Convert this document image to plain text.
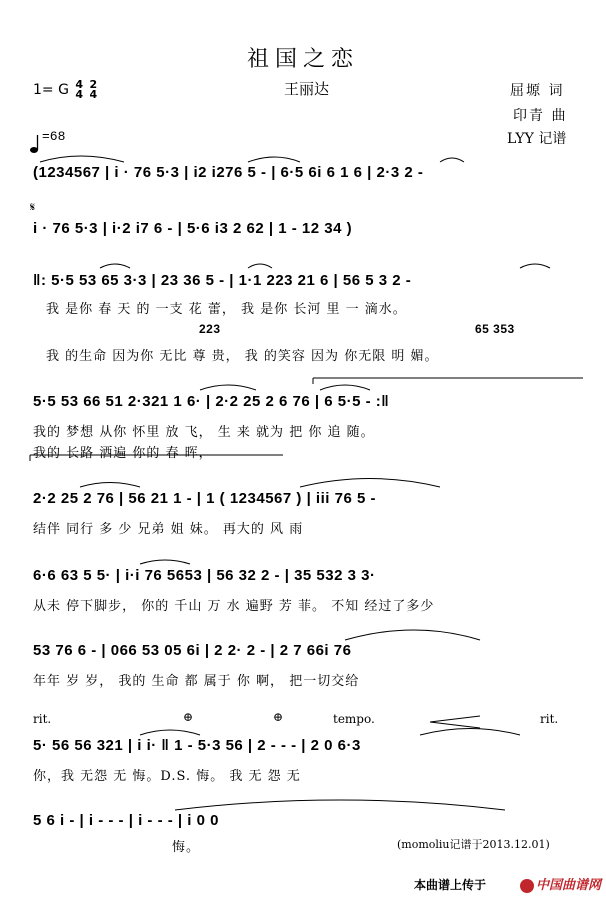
祖国之恋
1= G 4
4

2
4	王丽达	屈塬 词
印青 曲
LYY 记谱
=68
(1234567 | i · 76 5·3 | i2 i276 5 - | 6·5 6i 6 1 6 | 2·3 2 -
𝄋
i · 76 5·3 | i·2 i7 6 - | 5·6 i3 2 62 | 1 - 12 34 )
‖: 5·5 53 65 3·3 | 23 36 5 - | 1·1 223 21 6 | 56 5 3 2 -
我 是你 春 天 的 一支 花 蕾， 我 是你 长河 里 一 滴水。
223	65 353
我 的生命 因为你 无比 尊 贵， 我 的笑容 因为 你无限 明 媚。
5·5 53 66 51 2·321 1 6· | 2·2 25 2 6 76 | 6 5·5 - :‖
我的 梦想 从你 怀里 放 飞， 生 来 就为 把 你 追 随。
我的 长路 洒遍 你的 春 晖，
2·2 25 2 76 | 56 21 1 - | 1 ( 1234567 ) | iii 76 5 -
结伴 同行 多 少 兄弟 姐 妹。 再大的 风 雨
6·6 63 5 5· | i·i 76 5653 | 56 32 2 - | 35 532 3 3·
从未 停下脚步， 你的 千山 万 水 遍野 芳 菲。 不知 经过了多少
53 76 6 - | 066 53 05 6i | 2 2· 2 - | 2 7 66i 76
年年 岁 岁， 我的 生命 都 属于 你 啊， 把一切交给
rit.	⊕	⊕	tempo.	rit.
5· 56 56 321 | i i· ‖ 1 - 5·3 56 | 2 - - - | 2 0 6·3
你，我 无怨 无 悔。D.S. 悔。 我 无 怨 无
5 6 i - | i - - - | i - - - | i 0 0
悔。	(momoliu记谱于2013.12.01)
本曲谱上传于	中国曲谱网
